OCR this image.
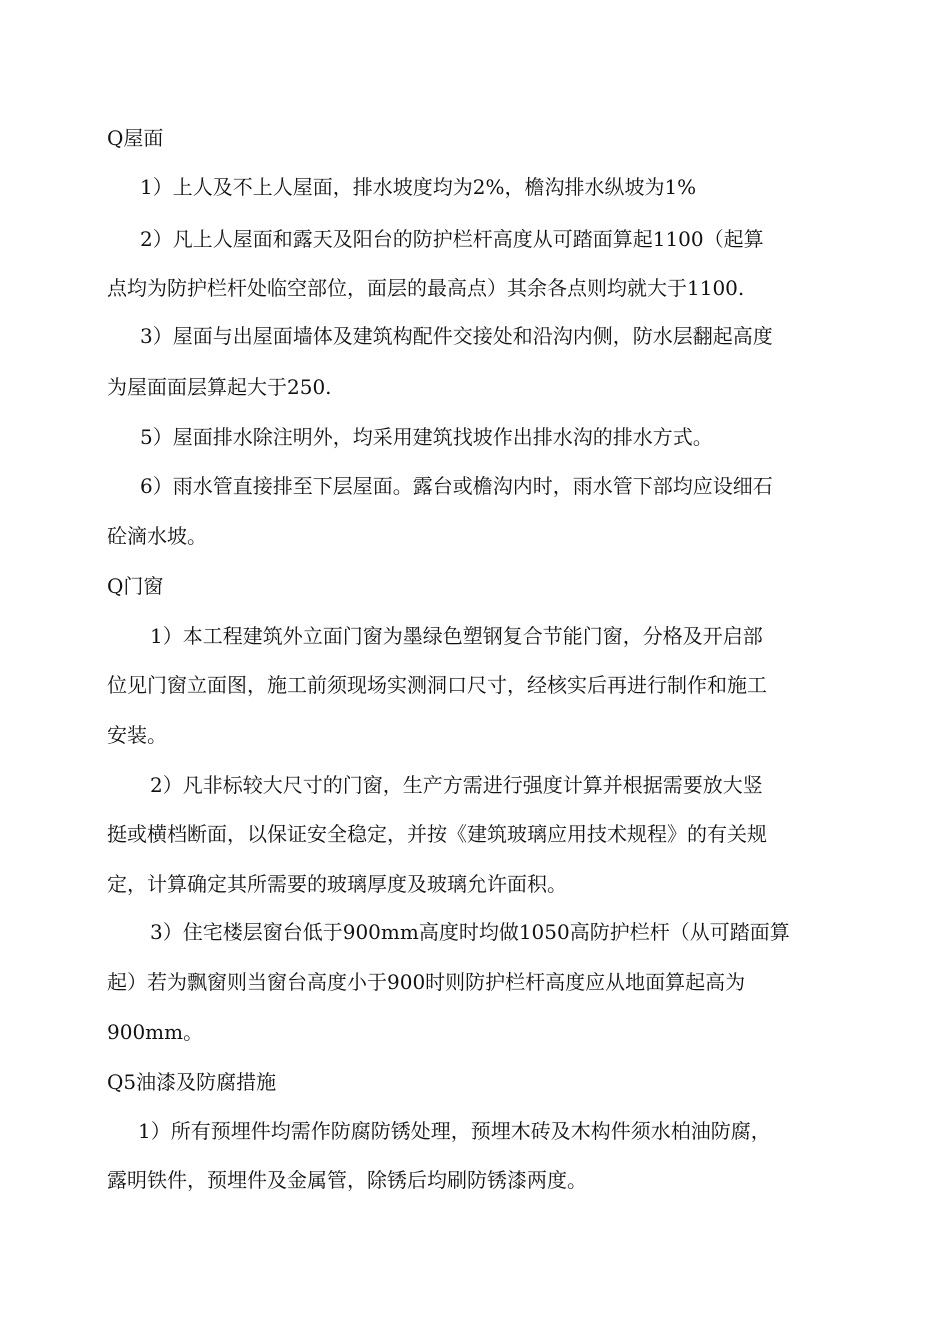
Q屋面
1）上人及不上人屋面，排水坡度均为2%，檐沟排水纵坡为1%
2）凡上人屋面和露天及阳台的防护栏杆高度从可踏面算起1100（起算
点均为防护栏杆处临空部位，面层的最高点）其余各点则均就大于1100.
3）屋面与出屋面墙体及建筑构配件交接处和沿沟内侧，防水层翻起高度
为屋面面层算起大于250.
5）屋面排水除注明外，均采用建筑找坡作出排水沟的排水方式。
6）雨水管直接排至下层屋面。露台或檐沟内时，雨水管下部均应设细石
砼滴水坡。
Q门窗
1）本工程建筑外立面门窗为墨绿色塑钢复合节能门窗，分格及开启部
位见门窗立面图，施工前须现场实测洞口尺寸，经核实后再进行制作和施工
安装。
2）凡非标较大尺寸的门窗，生产方需进行强度计算并根据需要放大竖
挺或横档断面，以保证安全稳定，并按《建筑玻璃应用技术规程》的有关规
定，计算确定其所需要的玻璃厚度及玻璃允许面积。
3）住宅楼层窗台低于900mm高度时均做1050高防护栏杆（从可踏面算
起）若为飘窗则当窗台高度小于900时则防护栏杆高度应从地面算起高为
900mm。
Q5油漆及防腐措施
1）所有预埋件均需作防腐防锈处理，预埋木砖及木构件须水柏油防腐，
露明铁件，预埋件及金属管，除锈后均刷防锈漆两度。
